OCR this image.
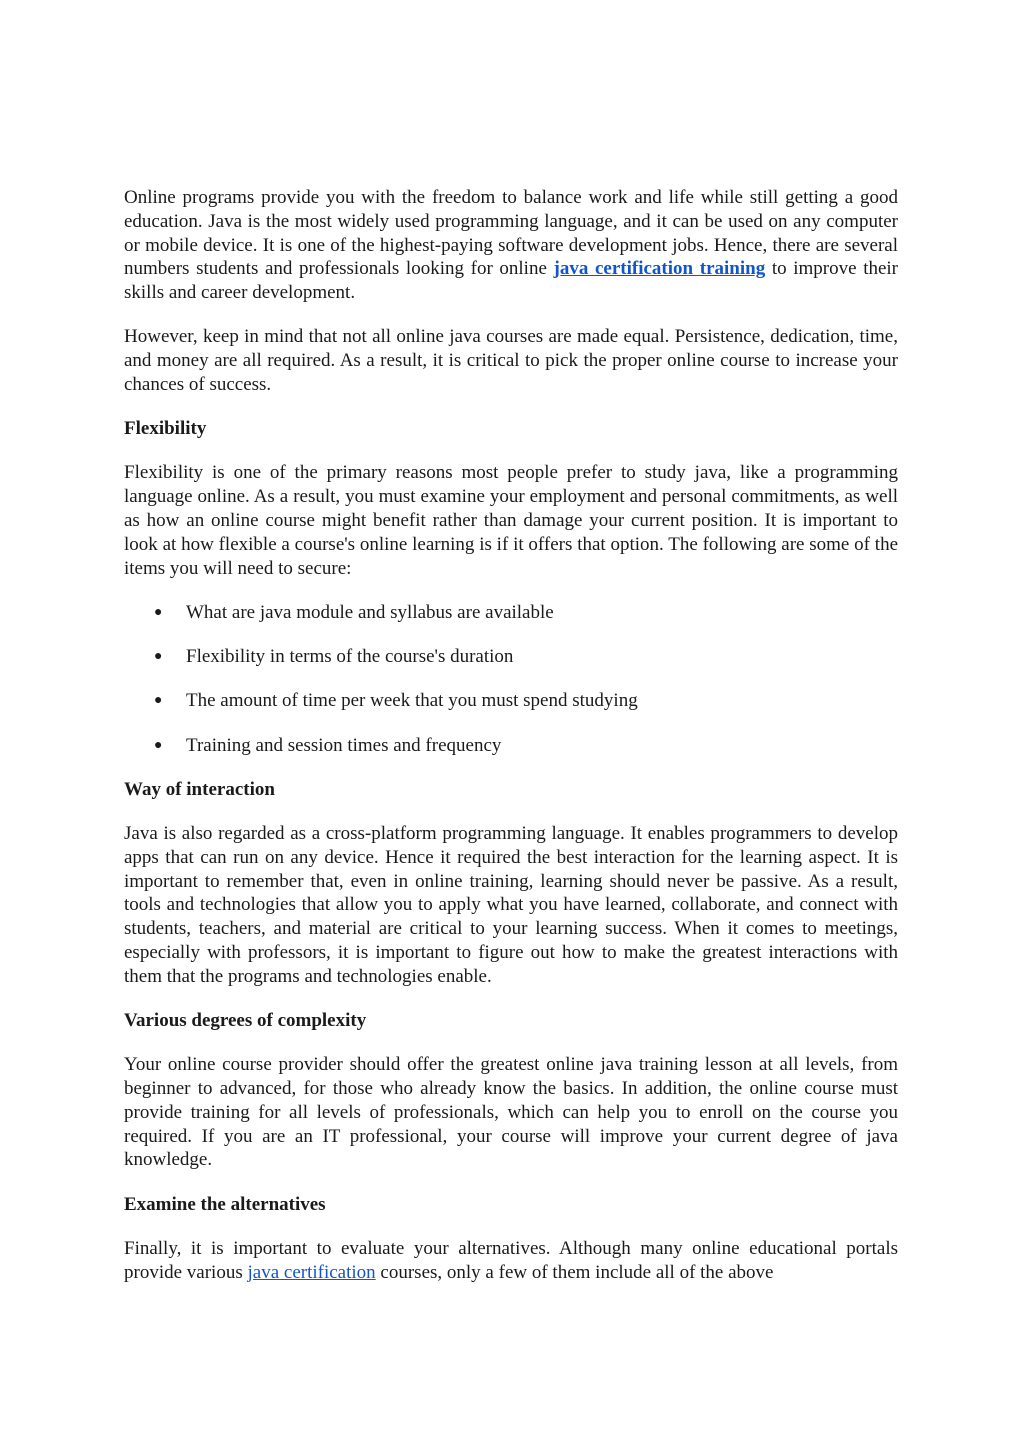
Online programs provide you with the freedom to balance work and life while still getting a good education. Java is the most widely used programming language, and it can be used on any computer or mobile device. It is one of the highest-paying software development jobs. Hence, there are several numbers students and professionals looking for online java certification training to improve their skills and career development.

However, keep in mind that not all online java courses are made equal. Persistence, dedication, time, and money are all required. As a result, it is critical to pick the proper online course to increase your chances of success.

Flexibility

Flexibility is one of the primary reasons most people prefer to study java, like a programming language online. As a result, you must examine your employment and personal commitments, as well as how an online course might benefit rather than damage your current position. It is important to look at how flexible a course's online learning is if it offers that option. The following are some of the items you will need to secure:

● What are java module and syllabus are available
● Flexibility in terms of the course's duration
● The amount of time per week that you must spend studying
● Training and session times and frequency
Way of interaction

Java is also regarded as a cross-platform programming language. It enables programmers to develop apps that can run on any device. Hence it required the best interaction for the learning aspect. It is important to remember that, even in online training, learning should never be passive. As a result, tools and technologies that allow you to apply what you have learned, collaborate, and connect with students, teachers, and material are critical to your learning success. When it comes to meetings, especially with professors, it is important to figure out how to make the greatest interactions with them that the programs and technologies enable.

Various degrees of complexity

Your online course provider should offer the greatest online java training lesson at all levels, from beginner to advanced, for those who already know the basics. In addition, the online course must provide training for all levels of professionals, which can help you to enroll on the course you required. If you are an IT professional, your course will improve your current degree of java knowledge.

Examine the alternatives

Finally, it is important to evaluate your alternatives. Although many online educational portals provide various java certification courses, only a few of them include all of the above
